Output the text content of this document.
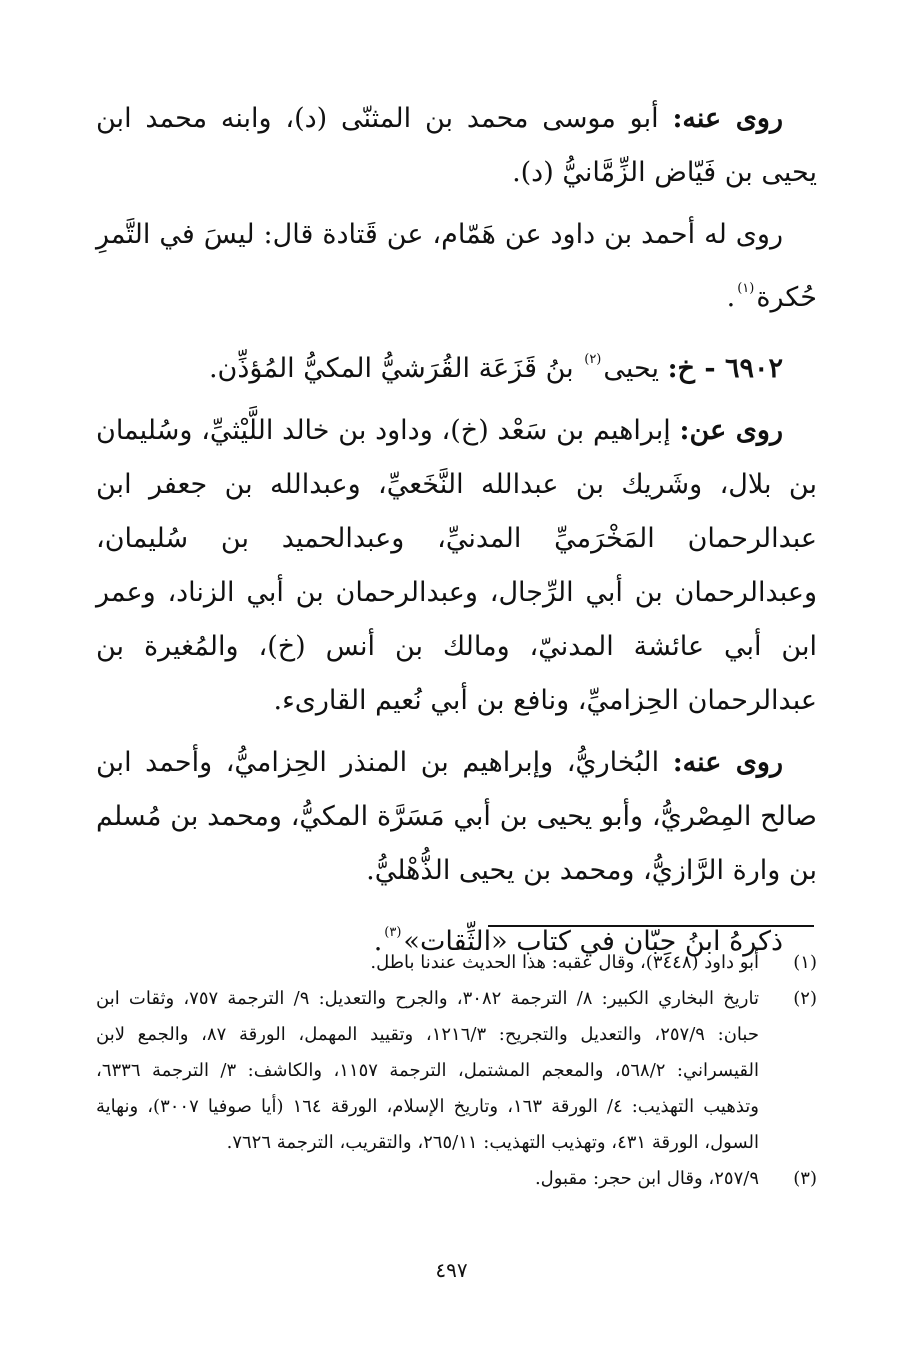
روى عنه: أبو موسى محمد بن المثنّى (د)، وابنه محمد ابن يحيى بن فَيّاض الزِّمَّانيُّ (د).

روى له أحمد بن داود عن هَمّام، عن قَتادة قال: ليسَ في التَّمرِ حُكرة$^{(١)}$.

٦٩٠٢ - خ: يحيى$^{(٢)}$ بنُ قَزَعَة القُرَشيُّ المكيُّ المُؤذِّن.

روى عن: إبراهيم بن سَعْد (خ)، وداود بن خالد اللَّيْثيِّ، وسُليمان بن بلال، وشَريك بن عبدالله النَّخَعيِّ، وعبدالله بن جعفر ابن عبدالرحمان المَخْرَميِّ المدنيِّ، وعبدالحميد بن سُليمان، وعبدالرحمان بن أبي الرِّجال، وعبدالرحمان بن أبي الزناد، وعمر ابن أبي عائشة المدنيّ، ومالك بن أنس (خ)، والمُغيرة بن عبدالرحمان الحِزاميِّ، ونافع بن أبي نُعيم القارىء.

روى عنه: البُخاريُّ، وإبراهيم بن المنذر الحِزاميُّ، وأحمد ابن صالح المِصْريُّ، وأبو يحيى بن أبي مَسَرَّة المكيُّ، ومحمد بن مُسلم بن وارة الرَّازيُّ، ومحمد بن يحيى الذُّهْليُّ.

ذكرهُ ابنُ حِبّان في كتاب «الثِّقات»$^{(٣)}$.

(١)
أبو داود (٣٤٤٨)، وقال عقبه: هذا الحديث عندنا باطل.
(٢)
تاريخ البخاري الكبير: ٨/ الترجمة ٣٠٨٢، والجرح والتعديل: ٩/ الترجمة ٧٥٧، وثقات ابن حبان: ٢٥٧/٩، والتعديل والتجريح: ١٢١٦/٣، وتقييد المهمل، الورقة ٨٧، والجمع لابن القيسراني: ٥٦٨/٢، والمعجم المشتمل، الترجمة ١١٥٧، والكاشف: ٣/ الترجمة ٦٣٣٦، وتذهيب التهذيب: ٤/ الورقة ١٦٣، وتاريخ الإسلام، الورقة ١٦٤ (أيا صوفيا ٣٠٠٧)، ونهاية السول، الورقة ٤٣١، وتهذيب التهذيب: ٢٦٥/١١، والتقريب، الترجمة ٧٦٢٦.
(٣)
٢٥٧/٩، وقال ابن حجر: مقبول.
٤٩٧
